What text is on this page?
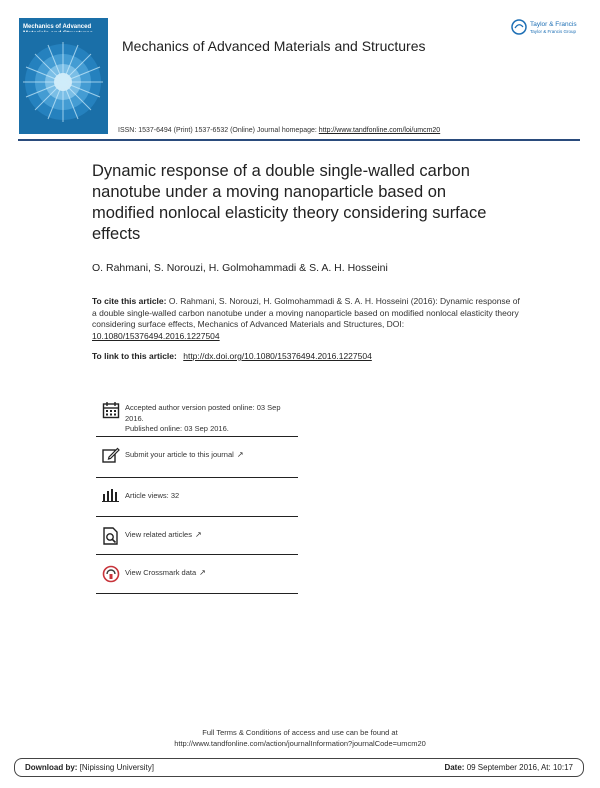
Mechanics of Advanced	Taylor & Francis
Taylor & Francis Group
Mechanics of Advanced Materials and Structures
ISSN: 1537-6494 (Print) 1537-6532 (Online) Journal homepage: http://www.tandfonline.com/loi/umcm20
Dynamic response of a double single-walled carbon nanotube under a moving nanoparticle based on modified nonlocal elasticity theory considering surface effects
O. Rahmani, S. Norouzi, H. Golmohammadi & S. A. H. Hosseini
To cite this article: O. Rahmani, S. Norouzi, H. Golmohammadi & S. A. H. Hosseini (2016): Dynamic response of a double single-walled carbon nanotube under a moving nanoparticle based on modified nonlocal elasticity theory considering surface effects, Mechanics of Advanced Materials and Structures, DOI: 10.1080/15376494.2016.1227504
To link to this article: http://dx.doi.org/10.1080/15376494.2016.1227504
Accepted author version posted online: 03 Sep 2016.
Published online: 03 Sep 2016.
Submit your article to this journal ↗
Article views: 32
View related articles ↗
View Crossmark data ↗
Full Terms & Conditions of access and use can be found at
http://www.tandfonline.com/action/journalInformation?journalCode=umcm20
Download by: [Nipissing University]	Date: 09 September 2016, At: 10:17
